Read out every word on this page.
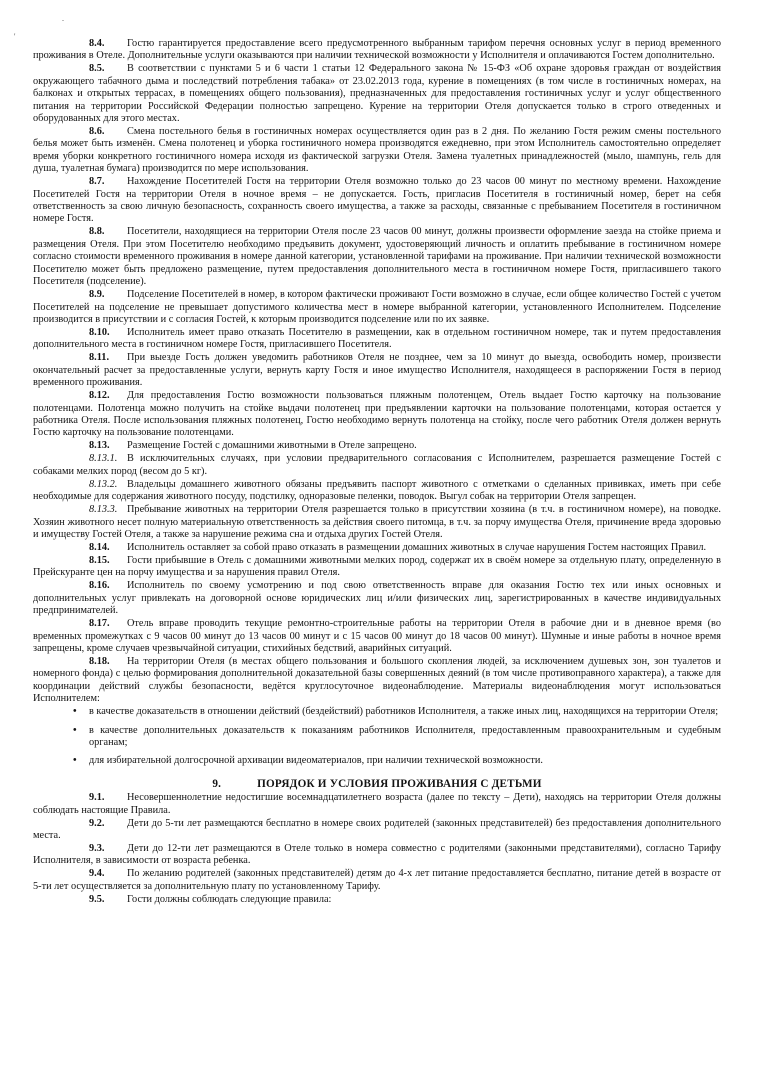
.
'
8.4. Гостю гарантируется предоставление всего предусмотренного выбранным тарифом перечня основных услуг в период временного проживания в Отеле. Дополнительные услуги оказываются при наличии технической возможности у Исполнителя и оплачиваются Гостем дополнительно.
8.5. В соответствии с пунктами 5 и 6 части 1 статьи 12 Федерального закона № 15-ФЗ «Об охране здоровья граждан от воздействия окружающего табачного дыма и последствий потребления табака» от 23.02.2013 года, курение в помещениях (в том числе в гостиничных номерах, на балконах и открытых террасах, в помещениях общего пользования), предназначенных для предоставления гостиничных услуг и услуг общественного питания на территории Российской Федерации полностью запрещено. Курение на территории Отеля допускается только в строго отведенных и оборудованных для этого местах.
8.6. Смена постельного белья в гостиничных номерах осуществляется один раз в 2 дня. По желанию Гостя режим смены постельного белья может быть изменён. Смена полотенец и уборка гостиничного номера производятся ежедневно, при этом Исполнитель самостоятельно определяет время уборки конкретного гостиничного номера исходя из фактической загрузки Отеля. Замена туалетных принадлежностей (мыло, шампунь, гель для душа, туалетная бумага) производится по мере использования.
8.7. Нахождение Посетителей Гостя на территории Отеля возможно только до 23 часов 00 минут по местному времени. Нахождение Посетителей Гостя на территории Отеля в ночное время – не допускается. Гость, пригласив Посетителя в гостиничный номер, берет на себя ответственность за свою личную безопасность, сохранность своего имущества, а также за расходы, связанные с пребыванием Посетителя в гостиничном номере Гостя.
8.8. Посетители, находящиеся на территории Отеля после 23 часов 00 минут, должны произвести оформление заезда на стойке приема и размещения Отеля. При этом Посетителю необходимо предъявить документ, удостоверяющий личность и оплатить пребывание в гостиничном номере согласно стоимости временного проживания в номере данной категории, установленной тарифами на проживание. При наличии технической возможности Посетителю может быть предложено размещение, путем предоставления дополнительного места в гостиничном номере Гостя, пригласившего такого Посетителя (подселение).
8.9. Подселение Посетителей в номер, в котором фактически проживают Гости возможно в случае, если общее количество Гостей с учетом Посетителей на подселение не превышает допустимого количества мест в номере выбранной категории, установленного Исполнителем. Подселение производится в присутствии и с согласия Гостей, к которым производится подселение или по их заявке.
8.10. Исполнитель имеет право отказать Посетителю в размещении, как в отдельном гостиничном номере, так и путем предоставления дополнительного места в гостиничном номере Гостя, пригласившего Посетителя.
8.11. При выезде Гость должен уведомить работников Отеля не позднее, чем за 10 минут до выезда, освободить номер, произвести окончательный расчет за предоставленные услуги, вернуть карту Гостя и иное имущество Исполнителя, находящееся в распоряжении Гостя в период временного проживания.
8.12. Для предоставления Гостю возможности пользоваться пляжным полотенцем, Отель выдает Гостю карточку на пользование полотенцами. Полотенца можно получить на стойке выдачи полотенец при предъявлении карточки на пользование полотенцами, которая остается у работника Отеля. После использования пляжных полотенец, Гостю необходимо вернуть полотенца на стойку, после чего работник Отеля должен вернуть Гостю карточку на пользование полотенцами.
8.13. Размещение Гостей с домашними животными в Отеле запрещено.
8.13.1. В исключительных случаях, при условии предварительного согласования с Исполнителем, разрешается размещение Гостей с собаками мелких пород (весом до 5 кг).
8.13.2. Владельцы домашнего животного обязаны предъявить паспорт животного с отметками о сделанных прививках, иметь при себе необходимые для содержания животного посуду, подстилку, одноразовые пеленки, поводок. Выгул собак на территории Отеля запрещен.
8.13.3. Пребывание животных на территории Отеля разрешается только в присутствии хозяина (в т.ч. в гостиничном номере), на поводке. Хозяин животного несет полную материальную ответственность за действия своего питомца, в т.ч. за порчу имущества Отеля, причинение вреда здоровью и имуществу Гостей Отеля, а также за нарушение режима сна и отдыха других Гостей Отеля.
8.14. Исполнитель оставляет за собой право отказать в размещении домашних животных в случае нарушения Гостем настоящих Правил.
8.15. Гости прибывшие в Отель с домашними животными мелких пород, содержат их в своём номере за отдельную плату, определенную в Прейскуранте цен на порчу имущества и за нарушения правил Отеля.
8.16. Исполнитель по своему усмотрению и под свою ответственность вправе для оказания Гостю тех или иных основных и дополнительных услуг привлекать на договорной основе юридических лиц и/или физических лиц, зарегистрированных в качестве индивидуальных предпринимателей.
8.17. Отель вправе проводить текущие ремонтно-строительные работы на территории Отеля в рабочие дни и в дневное время (во временных промежутках с 9 часов 00 минут до 13 часов 00 минут и с 15 часов 00 минут до 18 часов 00 минут). Шумные и иные работы в ночное время запрещены, кроме случаев чрезвычайной ситуации, стихийных бедствий, аварийных ситуаций.
8.18. На территории Отеля (в местах общего пользования и большого скопления людей, за исключением душевых зон, зон туалетов и номерного фонда) с целью формирования дополнительной доказательной базы совершенных деяний (в том числе противоправного характера), а также для координации действий службы безопасности, ведётся круглосуточное видеонаблюдение. Материалы видеонаблюдения могут использоваться Исполнителем:
• в качестве доказательств в отношении действий (бездействий) работников Исполнителя, а также иных лиц, находящихся на территории Отеля;
• в качестве дополнительных доказательств к показаниям работников Исполнителя, предоставленным правоохранительным и судебным органам;
• для избирательной долгосрочной архивации видеоматериалов, при наличии технической возможности.
9.	ПОРЯДОК И УСЛОВИЯ ПРОЖИВАНИЯ С ДЕТЬМИ
9.1. Несовершеннолетние недостигшие восемнадцатилетнего возраста (далее по тексту – Дети), находясь на территории Отеля должны соблюдать настоящие Правила.
9.2. Дети до 5-ти лет размещаются бесплатно в номере своих родителей (законных представителей) без предоставления дополнительного места.
9.3. Дети до 12-ти лет размещаются в Отеле только в номера совместно с родителями (законными представителями), согласно Тарифу Исполнителя, в зависимости от возраста ребенка.
9.4. По желанию родителей (законных представителей) детям до 4-х лет питание предоставляется бесплатно, питание детей в возрасте от 5-ти лет осуществляется за дополнительную плату по установленному Тарифу.
9.5. Гости должны соблюдать следующие правила:
